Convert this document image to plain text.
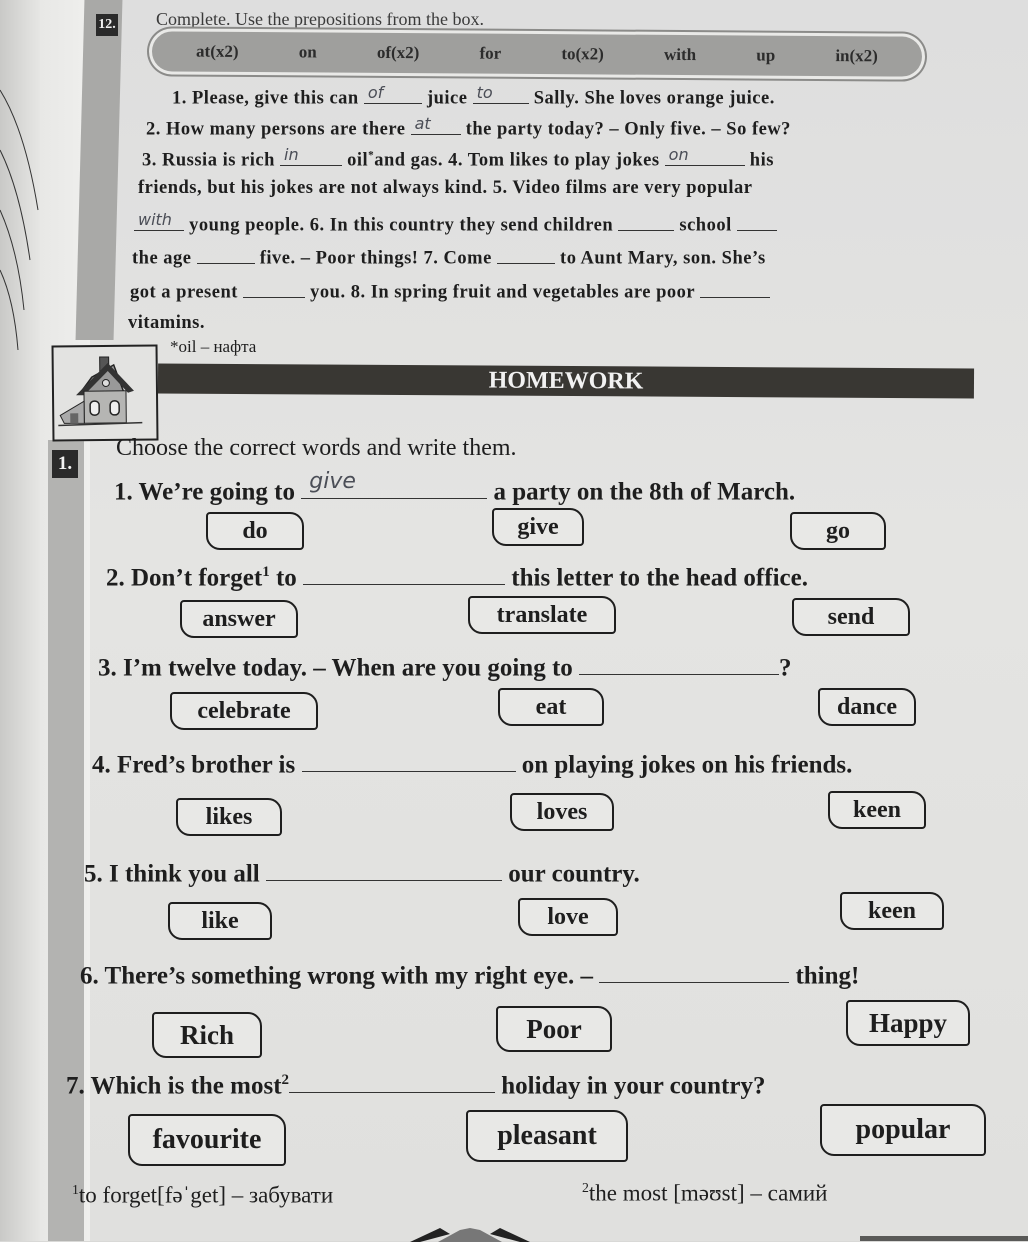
12. Complete. Use the prepositions from the box.
at(x2)	on	of(x2)	for	to(x2)	with	up	in(x2)
1. Please, give this can of juice to Sally. She loves orange juice.
2. How many persons are there at the party today? – Only five. – So few?
3. Russia is rich in oil*and gas. 4. Tom likes to play jokes on	his
friends, but his jokes are not always kind. 5. Video films are very popular
with young people. 6. In this country they send children	school
the age	five. – Poor things! 7. Come	to Aunt Mary, son. She’s
got a present	you. 8. In spring fruit and vegetables are poor
vitamins.
*oil – нафта
HOMEWORK
1.
Choose the correct words and write them.
1. We’re going to give	a party on the 8th of March.
do	give	go
2. Don’t forget$^1$ to	this letter to the head office.
answer	translate	send
3. I’m twelve today. – When are you going to	?
celebrate	eat	dance
4. Fred’s brother is	on playing jokes on his friends.
likes	loves	keen
5. I think you all	our country.
like	love	keen
6. There’s something wrong with my right eye. –	thing!
Rich	Poor	Happy
7. Which is the most$^2$	holiday in your country?
favourite	pleasant	popular
$^1$to forget[fəˈget] – забувати	$^2$the most [məʊst] – самий
